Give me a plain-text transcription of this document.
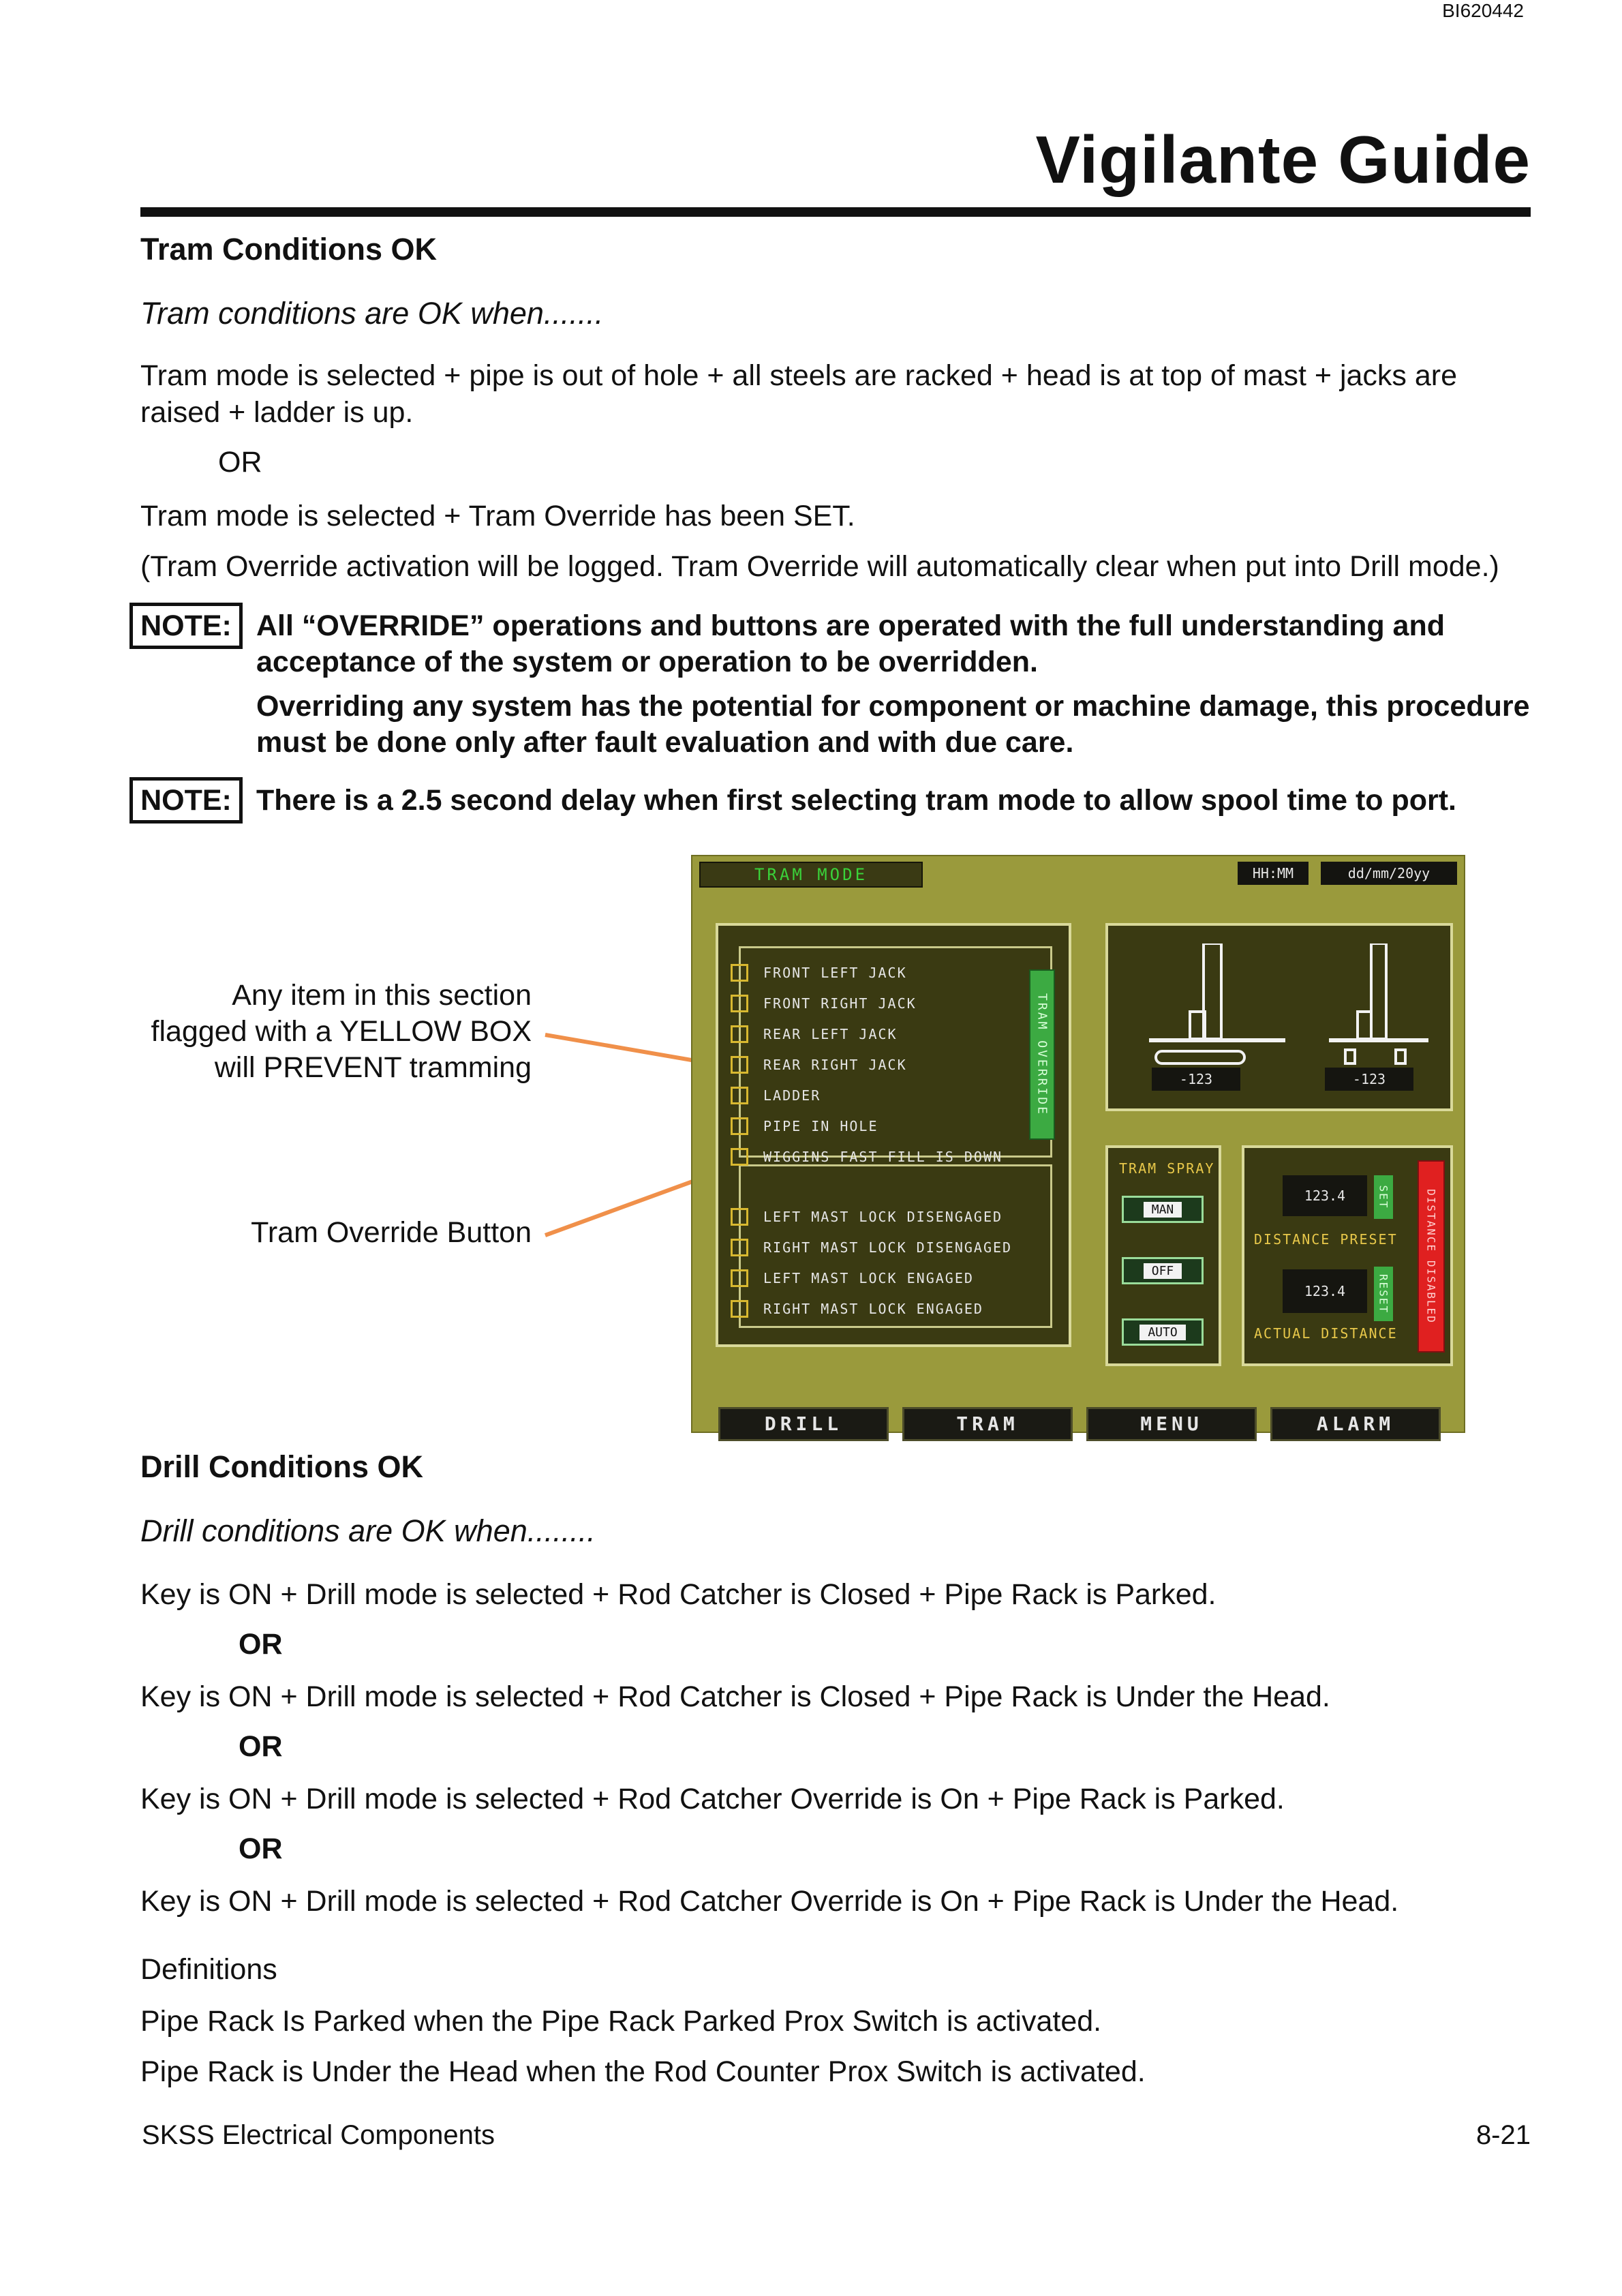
BI620442
Vigilante Guide
Tram Conditions OK

Tram conditions are OK when.......

Tram mode is selected + pipe is out of hole + all steels are racked + head is at top of mast + jacks are raised + ladder is up.

OR

Tram mode is selected + Tram Override has been SET.

(Tram Override activation will be logged. Tram Override will automatically clear when put into Drill mode.)

NOTE: All “OVERRIDE” operations and buttons are operated with the full understanding and acceptance of the system or operation to be overridden.

Overriding any system has the potential for component or machine damage, this procedure must be done only after fault evaluation and with due care.

NOTE: There is a 2.5 second delay when first selecting tram mode to allow spool time to port.

Any item in this section

flagged with a YELLOW BOX

will PREVENT tramming

Tram Override Button

TRAM MODE	HH:MM	dd/mm/20yy
FRONT LEFT JACK
FRONT RIGHT JACK
REAR LEFT JACK
REAR RIGHT JACK
LADDER
PIPE IN HOLE
WIGGINS FAST FILL IS DOWN
LEFT MAST LOCK DISENGAGED
RIGHT MAST LOCK DISENGAGED
LEFT MAST LOCK ENGAGED
RIGHT MAST LOCK ENGAGED
TRAM OVERRIDE	-123	-123
TRAM SPRAY
MAN
OFF
AUTO
123.4	SET
DISTANCE PRESET
123.4	RESET
ACTUAL DISTANCE
DISTANCE DISABLED
DRILL	TRAM	MENU	ALARM
Drill Conditions OK

Drill conditions are OK when........

Key is ON + Drill mode is selected + Rod Catcher is Closed + Pipe Rack is Parked.

OR

Key is ON + Drill mode is selected + Rod Catcher is Closed + Pipe Rack is Under the Head.

OR

Key is ON + Drill mode is selected + Rod Catcher Override is On + Pipe Rack is Parked.

OR

Key is ON + Drill mode is selected + Rod Catcher Override is On + Pipe Rack is Under the Head.

Definitions

Pipe Rack Is Parked when the Pipe Rack Parked Prox Switch is activated.

Pipe Rack is Under the Head when the Rod Counter Prox Switch is activated.

SKSS Electrical Components	8-21
